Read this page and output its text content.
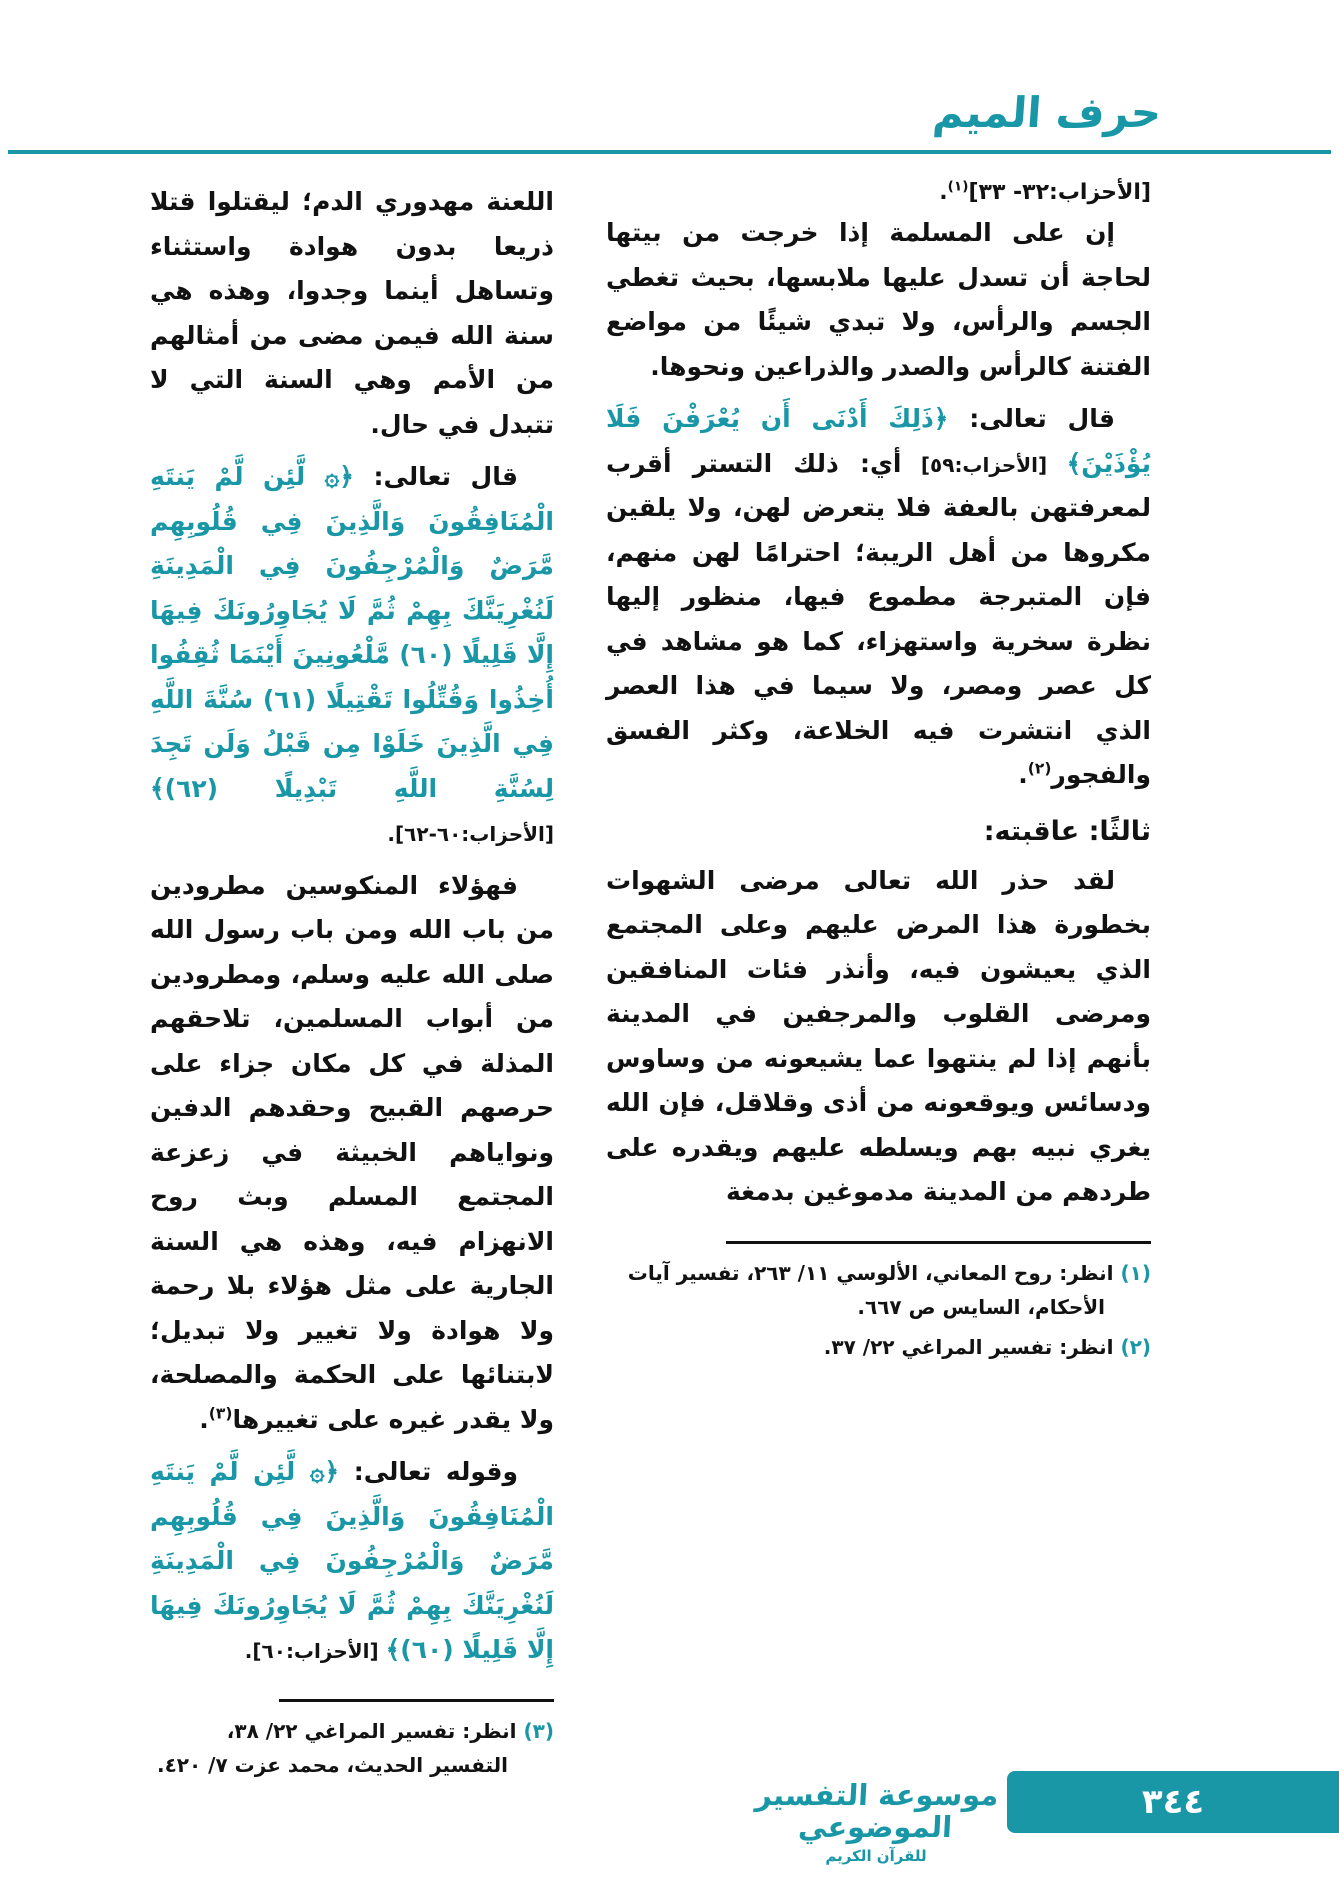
حرف الميم

[الأحزاب:٣٢- ٣٣]$^{(١)}$.

إن على المسلمة إذا خرجت من بيتها لحاجة أن تسدل عليها ملابسها، بحيث تغطي الجسم والرأس، ولا تبدي شيئًا من مواضع الفتنة كالرأس والصدر والذراعين ونحوها.

قال تعالى: ﴿ذَلِكَ أَدْنَى أَن يُعْرَفْنَ فَلَا يُؤْذَيْنَ﴾ [الأحزاب:٥٩] أي: ذلك التستر أقرب لمعرفتهن بالعفة فلا يتعرض لهن، ولا يلقين مكروها من أهل الريبة؛ احترامًا لهن منهم، فإن المتبرجة مطموع فيها، منظور إليها نظرة سخرية واستهزاء، كما هو مشاهد في كل عصر ومصر، ولا سيما في هذا العصر الذي انتشرت فيه الخلاعة، وكثر الفسق والفجور$^{(٢)}$.

ثالثًا: عاقبته:

لقد حذر الله تعالى مرضى الشهوات بخطورة هذا المرض عليهم وعلى المجتمع الذي يعيشون فيه، وأنذر فئات المنافقين ومرضى القلوب والمرجفين في المدينة بأنهم إذا لم ينتهوا عما يشيعونه من وساوس ودسائس ويوقعونه من أذى وقلاقل، فإن الله يغري نبيه بهم ويسلطه عليهم ويقدره على طردهم من المدينة مدموغين بدمغة

(١) انظر: روح المعاني، الألوسي ١١/ ٢٦٣، تفسير آيات الأحكام، السايس ص ٦٦٧.

(٢) انظر: تفسير المراغي ٢٢/ ٣٧.

اللعنة مهدوري الدم؛ ليقتلوا قتلا ذريعا بدون هوادة واستثناء وتساهل أينما وجدوا، وهذه هي سنة الله فيمن مضى من أمثالهم من الأمم وهي السنة التي لا تتبدل في حال.

قال تعالى: ﴿۞ لَّئِن لَّمْ يَنتَهِ الْمُنَافِقُونَ وَالَّذِينَ فِي قُلُوبِهِم مَّرَضٌ وَالْمُرْجِفُونَ فِي الْمَدِينَةِ لَنُغْرِيَنَّكَ بِهِمْ ثُمَّ لَا يُجَاوِرُونَكَ فِيهَا إِلَّا قَلِيلًا (٦٠) مَّلْعُونِينَ أَيْنَمَا ثُقِفُوا أُخِذُوا وَقُتِّلُوا تَقْتِيلًا (٦١) سُنَّةَ اللَّهِ فِي الَّذِينَ خَلَوْا مِن قَبْلُ وَلَن تَجِدَ لِسُنَّةِ اللَّهِ تَبْدِيلًا (٦٢)﴾ [الأحزاب:٦٠-٦٢].

فهؤلاء المنكوسين مطرودين من باب الله ومن باب رسول الله صلى الله عليه وسلم، ومطرودين من أبواب المسلمين، تلاحقهم المذلة في كل مكان جزاء على حرصهم القبيح وحقدهم الدفين ونواياهم الخبيثة في زعزعة المجتمع المسلم وبث روح الانهزام فيه، وهذه هي السنة الجارية على مثل هؤلاء بلا رحمة ولا هوادة ولا تغيير ولا تبديل؛ لابتنائها على الحكمة والمصلحة، ولا يقدر غيره على تغييرها$^{(٣)}$.

وقوله تعالى: ﴿۞ لَّئِن لَّمْ يَنتَهِ الْمُنَافِقُونَ وَالَّذِينَ فِي قُلُوبِهِم مَّرَضٌ وَالْمُرْجِفُونَ فِي الْمَدِينَةِ لَنُغْرِيَنَّكَ بِهِمْ ثُمَّ لَا يُجَاوِرُونَكَ فِيهَا إِلَّا قَلِيلًا (٦٠)﴾ [الأحزاب:٦٠].

(٣) انظر: تفسير المراغي ٢٢/ ٣٨، التفسير الحديث، محمد عزت ٧/ ٤٢٠.

موسوعة التفسير الموضوعي
للقرآن الكريم
٣٤٤
